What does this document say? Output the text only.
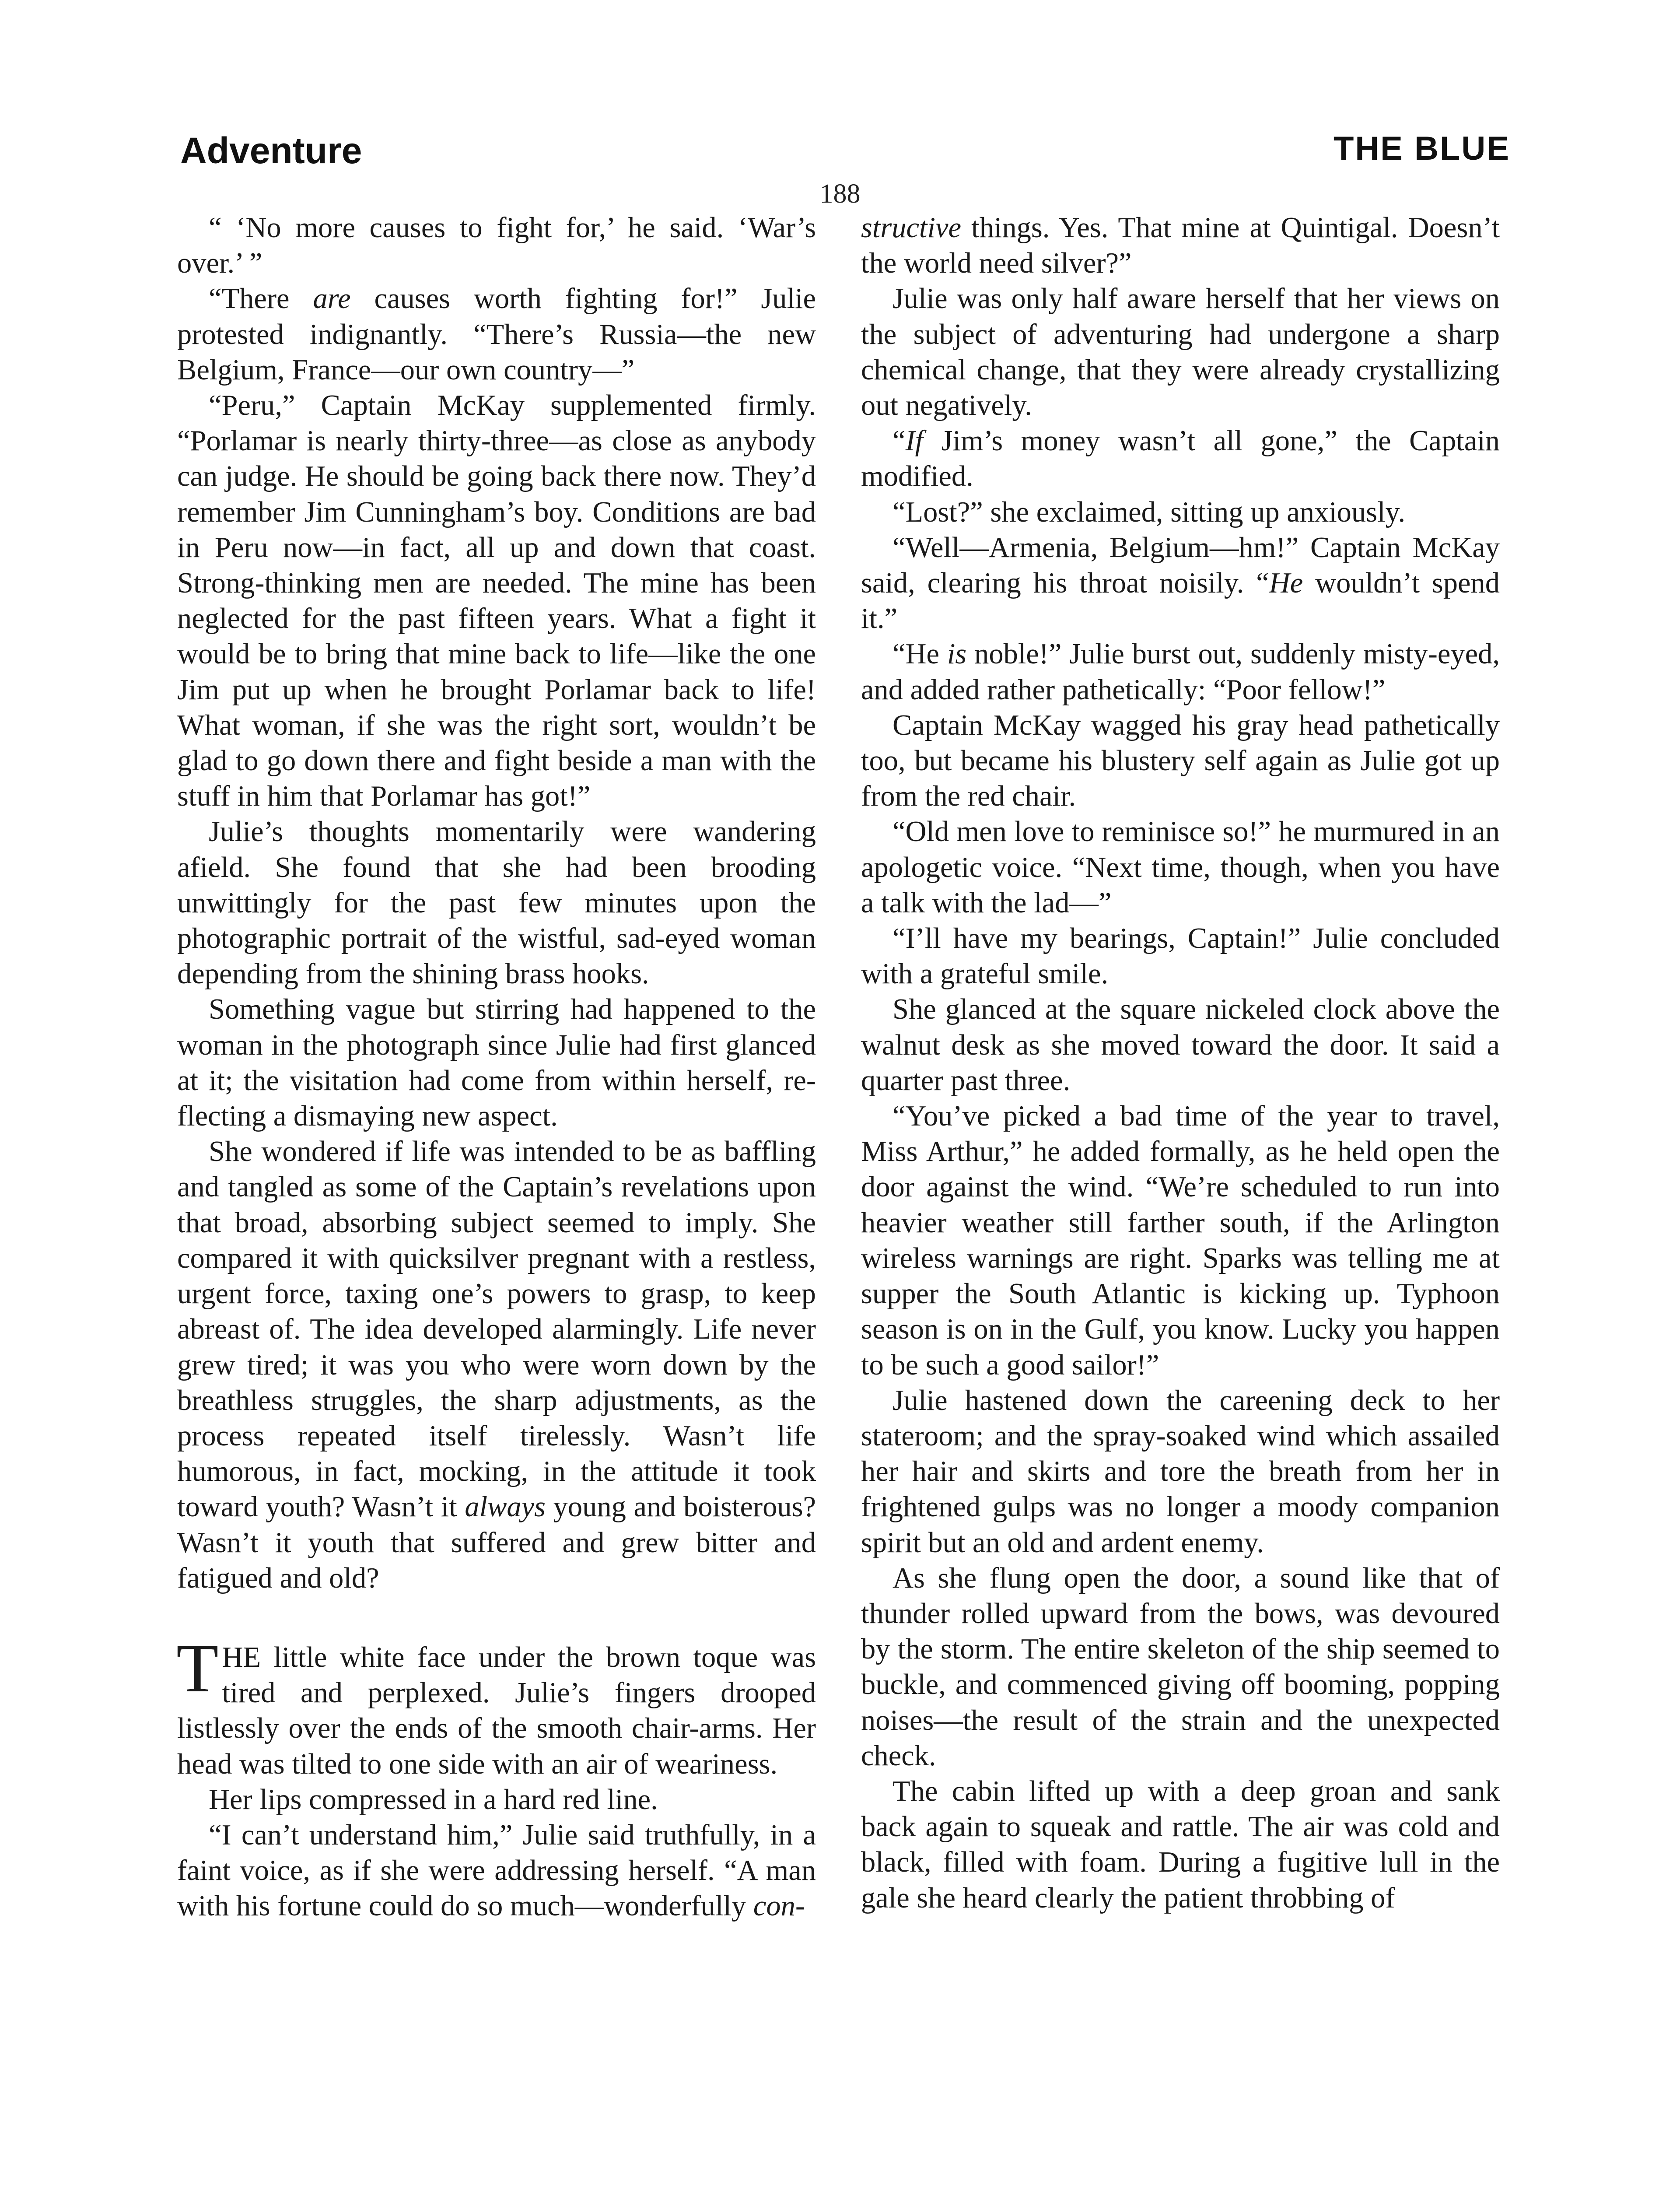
Adventure	THE BLUE
188

“ ‘No more causes to fight for,’ he said. ‘War’s over.’ ”

“There are causes worth fighting for!” Julie protested indignantly. “There’s Russia—the new Belgium, France—our own country—”

“Peru,” Captain McKay supplemented firmly. “Porlamar is nearly thirty-three—as close as anybody can judge. He should be going back there now. They’d remember Jim Cunningham’s boy. Conditions are bad in Peru now—in fact, all up and down that coast. Strong-thinking men are needed. The mine has been neglected for the past fifteen years. What a fight it would be to bring that mine back to life—like the one Jim put up when he brought Porlamar back to life! What woman, if she was the right sort, wouldn’t be glad to go down there and fight beside a man with the stuff in him that Porlamar has got!”

Julie’s thoughts momentarily were wandering afield. She found that she had been brooding unwittingly for the past few minutes upon the photographic portrait of the wistful, sad-eyed woman depending from the shining brass hooks.

Something vague but stirring had happened to the woman in the photograph since Julie had first glanced at it; the visitation had come from within herself, reflecting a dismaying new aspect.

She wondered if life was intended to be as baffling and tangled as some of the Captain’s revelations upon that broad, absorbing subject seemed to imply. She compared it with quicksilver pregnant with a restless, urgent force, taxing one’s powers to grasp, to keep abreast of. The idea developed alarmingly. Life never grew tired; it was you who were worn down by the breathless struggles, the sharp adjustments, as the process repeated itself tirelessly. Wasn’t life humorous, in fact, mocking, in the attitude it took toward youth? Wasn’t it always young and boisterous? Wasn’t it youth that suffered and grew bitter and fatigued and old?

THE little white face under the brown toque was tired and perplexed. Julie’s fingers drooped listlessly over the ends of the smooth chair-arms. Her head was tilted to one side with an air of weariness.

Her lips compressed in a hard red line.

“I can’t understand him,” Julie said truthfully, in a faint voice, as if she were addressing herself. “A man with his fortune could do so much—wonderfully con-

structive things. Yes. That mine at Quintigal. Doesn’t the world need silver?”

Julie was only half aware herself that her views on the subject of adventuring had undergone a sharp chemical change, that they were already crystallizing out negatively.

“If Jim’s money wasn’t all gone,” the Captain modified.

“Lost?” she exclaimed, sitting up anxiously.

“Well—Armenia, Belgium—hm!” Captain McKay said, clearing his throat noisily. “He wouldn’t spend it.”

“He is noble!” Julie burst out, suddenly misty-eyed, and added rather pathetically: “Poor fellow!”

Captain McKay wagged his gray head pathetically too, but became his blustery self again as Julie got up from the red chair.

“Old men love to reminisce so!” he murmured in an apologetic voice. “Next time, though, when you have a talk with the lad—”

“I’ll have my bearings, Captain!” Julie concluded with a grateful smile.

She glanced at the square nickeled clock above the walnut desk as she moved toward the door. It said a quarter past three.

“You’ve picked a bad time of the year to travel, Miss Arthur,” he added formally, as he held open the door against the wind. “We’re scheduled to run into heavier weather still farther south, if the Arlington wireless warnings are right. Sparks was telling me at supper the South Atlantic is kicking up. Typhoon season is on in the Gulf, you know. Lucky you happen to be such a good sailor!”

Julie hastened down the careening deck to her stateroom; and the spray-soaked wind which assailed her hair and skirts and tore the breath from her in frightened gulps was no longer a moody companion spirit but an old and ardent enemy.

As she flung open the door, a sound like that of thunder rolled upward from the bows, was devoured by the storm. The entire skeleton of the ship seemed to buckle, and commenced giving off booming, popping noises—the result of the strain and the unexpected check.

The cabin lifted up with a deep groan and sank back again to squeak and rattle. The air was cold and black, filled with foam. During a fugitive lull in the gale she heard clearly the patient throbbing of
